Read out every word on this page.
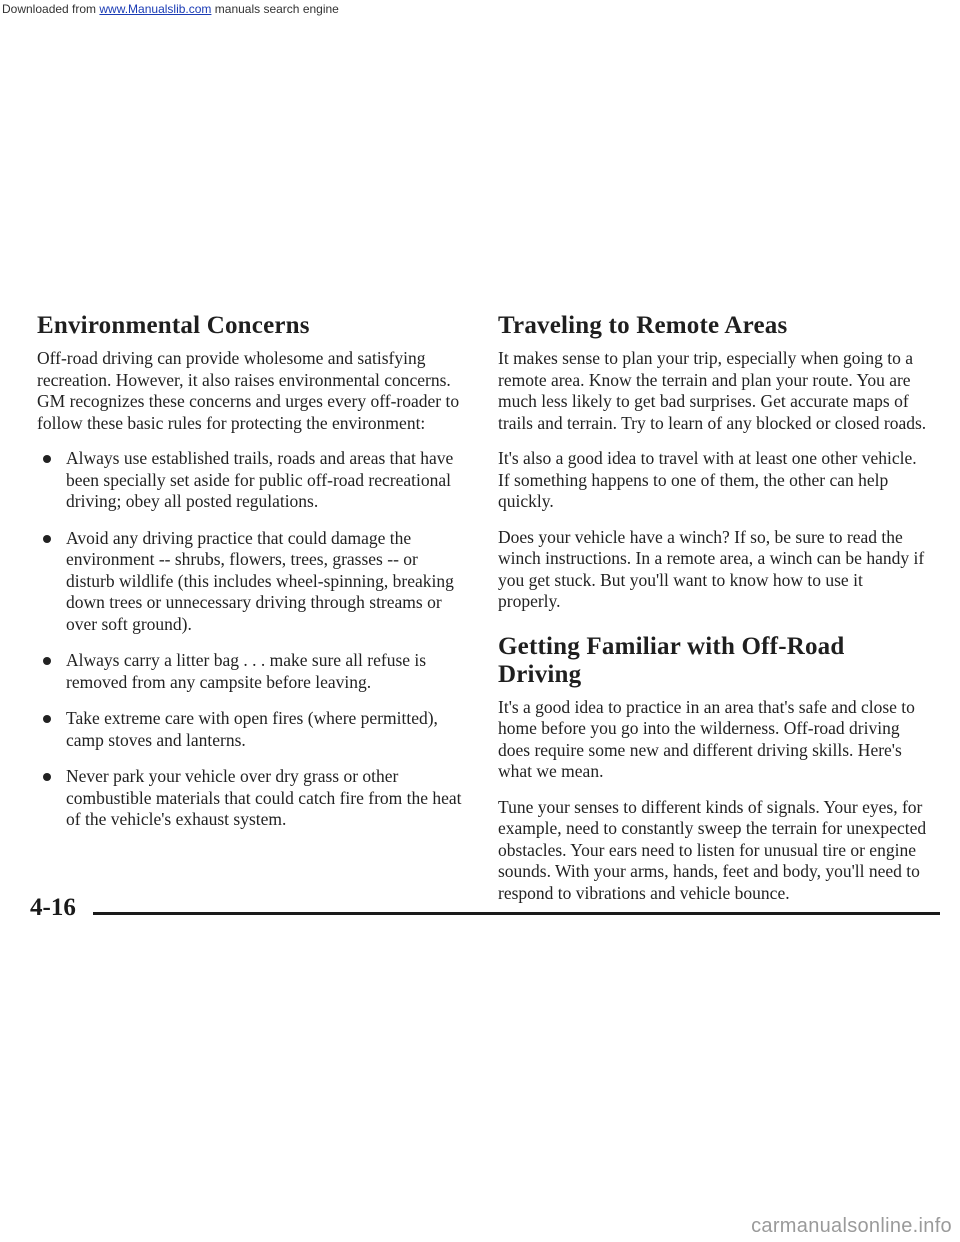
Downloaded from www.Manualslib.com manuals search engine
Environmental Concerns

Off-road driving can provide wholesome and satisfying recreation. However, it also raises environmental concerns. GM recognizes these concerns and urges every off-roader to follow these basic rules for protecting the environment:

Always use established trails, roads and areas that have been specially set aside for public off-road recreational driving; obey all posted regulations.
Avoid any driving practice that could damage the environment -- shrubs, flowers, trees, grasses -- or disturb wildlife (this includes wheel-spinning, breaking down trees or unnecessary driving through streams or over soft ground).
Always carry a litter bag . . . make sure all refuse is removed from any campsite before leaving.
Take extreme care with open fires (where permitted), camp stoves and lanterns.
Never park your vehicle over dry grass or other combustible materials that could catch fire from the heat of the vehicle's exhaust system.
Traveling to Remote Areas

It makes sense to plan your trip, especially when going to a remote area. Know the terrain and plan your route. You are much less likely to get bad surprises. Get accurate maps of trails and terrain. Try to learn of any blocked or closed roads.

It's also a good idea to travel with at least one other vehicle. If something happens to one of them, the other can help quickly.

Does your vehicle have a winch? If so, be sure to read the winch instructions. In a remote area, a winch can be handy if you get stuck. But you'll want to know how to use it properly.

Getting Familiar with Off-Road Driving

It's a good idea to practice in an area that's safe and close to home before you go into the wilderness. Off-road driving does require some new and different driving skills. Here's what we mean.

Tune your senses to different kinds of signals. Your eyes, for example, need to constantly sweep the terrain for unexpected obstacles. Your ears need to listen for unusual tire or engine sounds. With your arms, hands, feet and body, you'll need to respond to vibrations and vehicle bounce.

4-16
carmanualsonline.info
